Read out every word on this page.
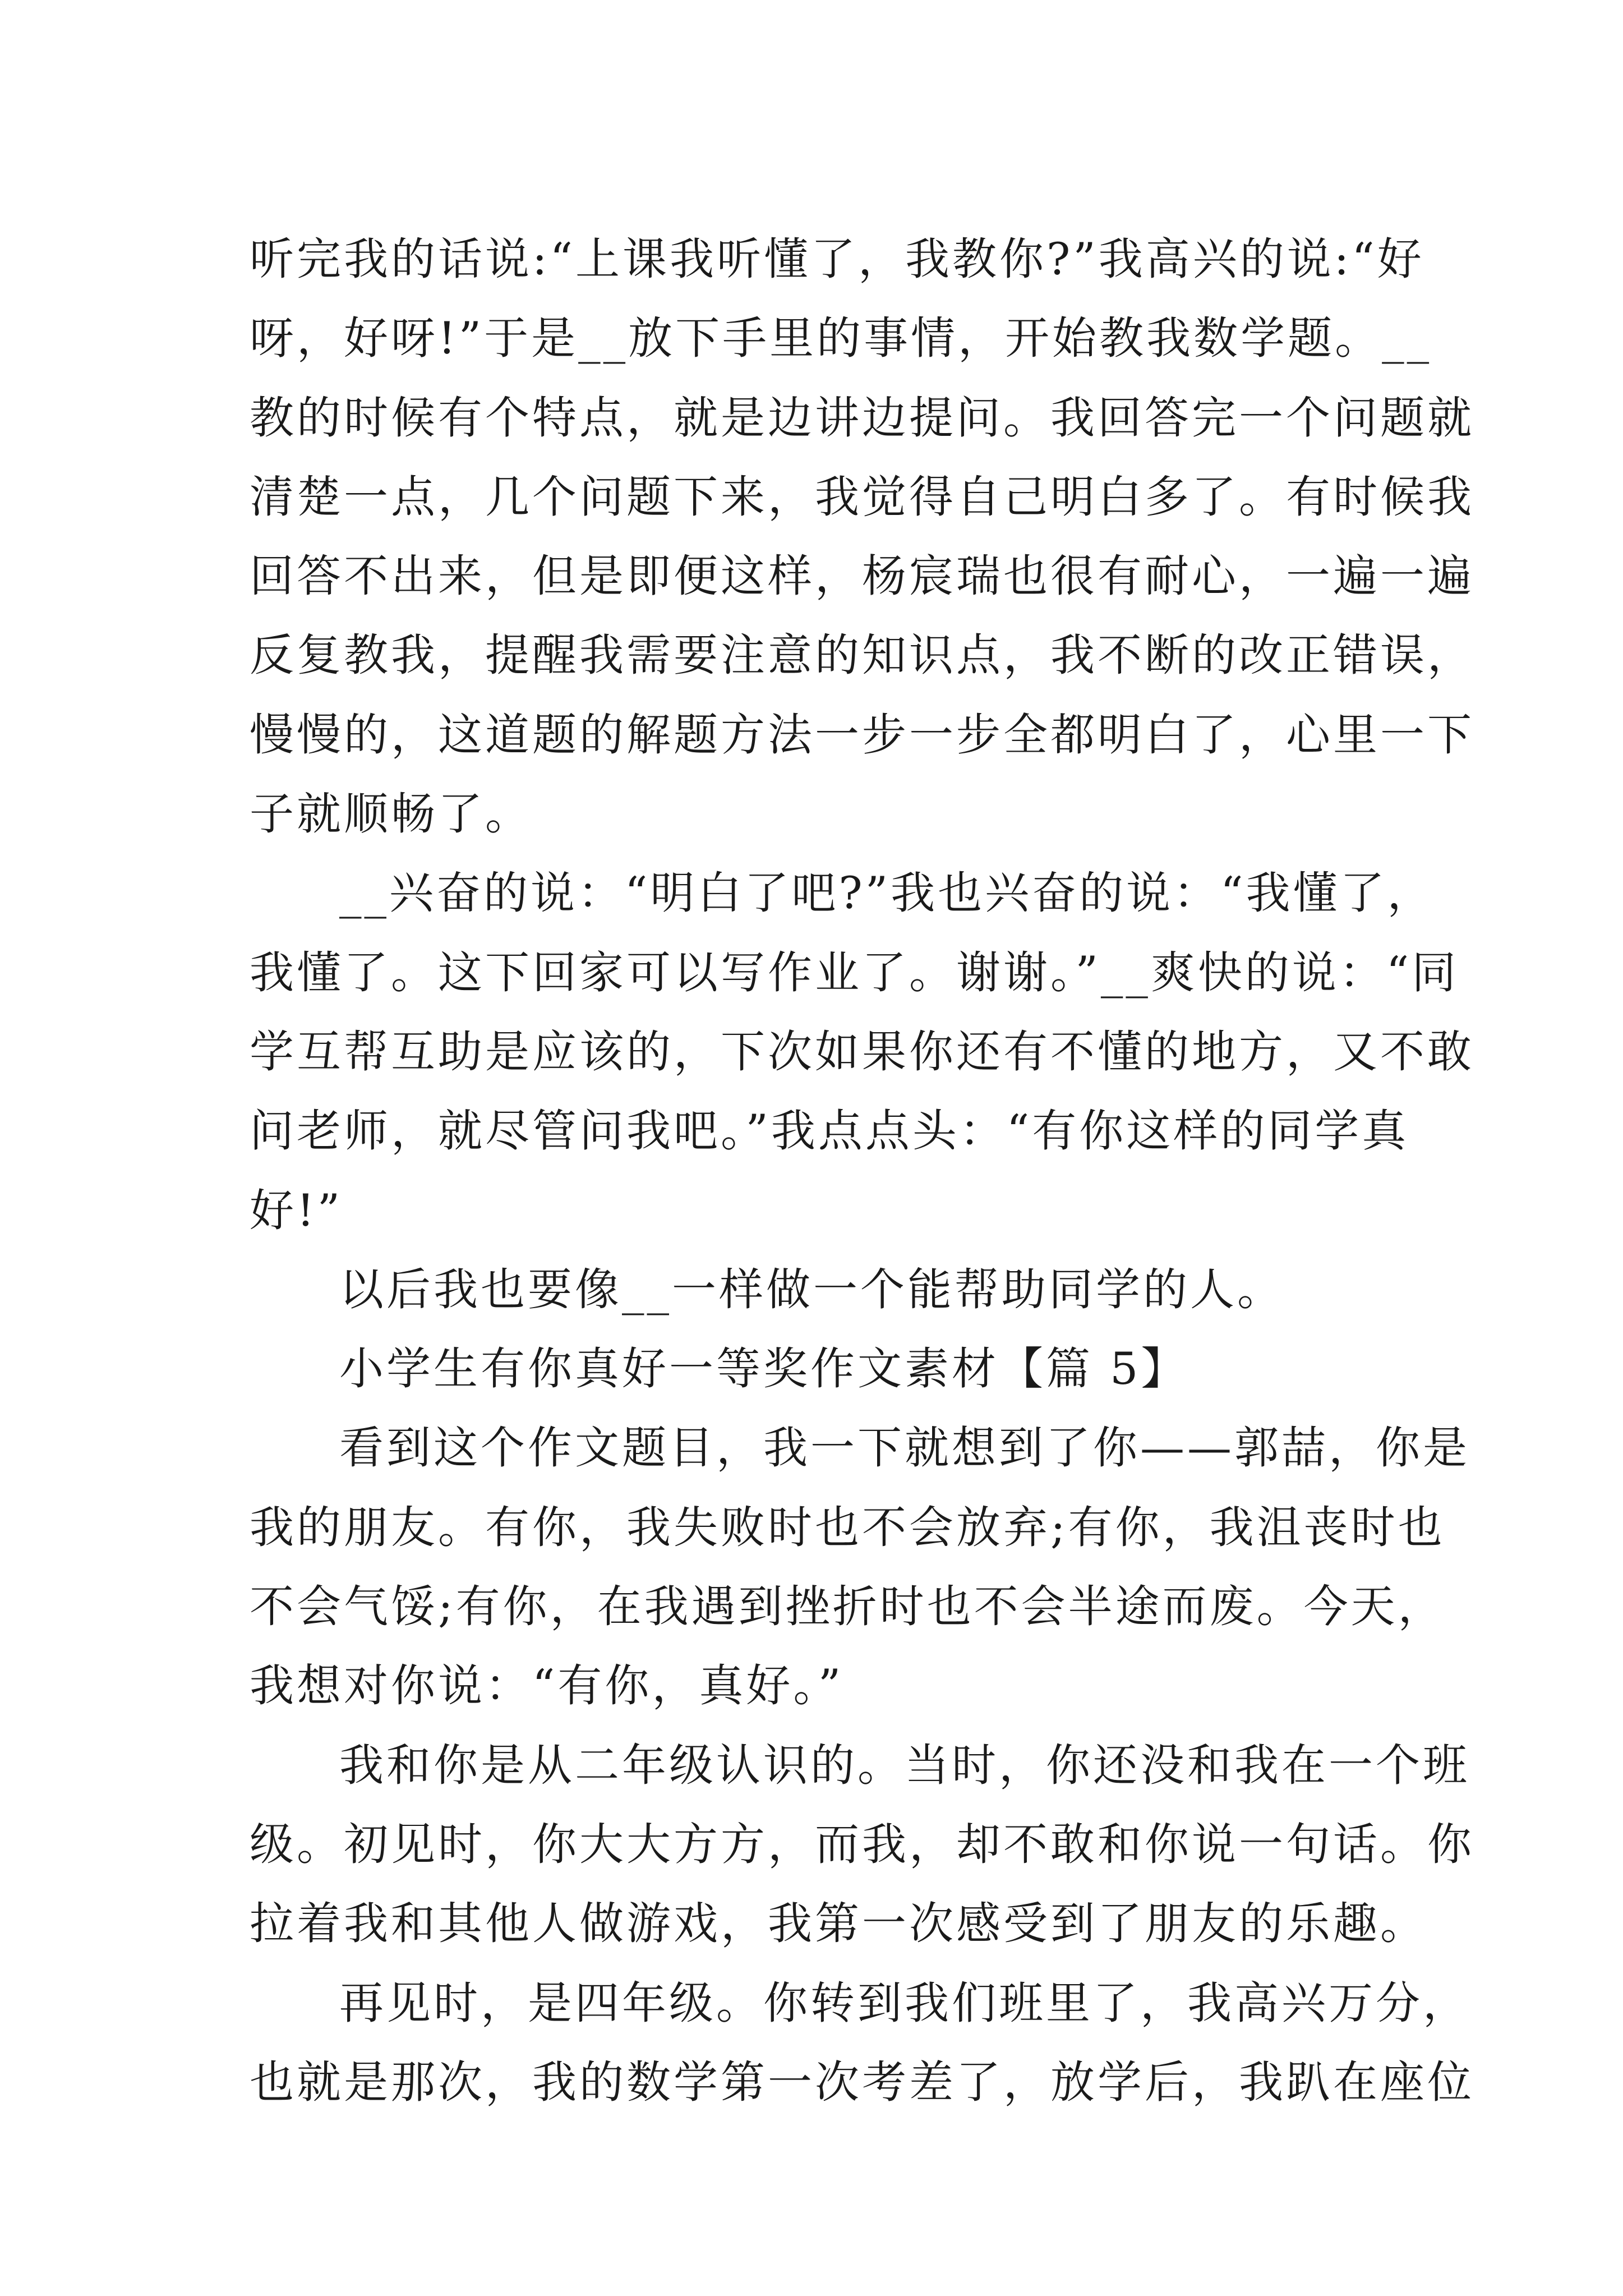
听完我的话说:“上课我听懂了，我教你?”我高兴的说:“好
呀，好呀!”于是__放下手里的事情，开始教我数学题。__
教的时候有个特点，就是边讲边提问。我回答完一个问题就
清楚一点，几个问题下来，我觉得自己明白多了。有时候我
回答不出来，但是即便这样，杨宸瑞也很有耐心，一遍一遍
反复教我，提醒我需要注意的知识点，我不断的改正错误，
慢慢的，这道题的解题方法一步一步全都明白了，心里一下
子就顺畅了。
__兴奋的说：“明白了吧?”我也兴奋的说：“我懂了，
我懂了。这下回家可以写作业了。谢谢。”__爽快的说：“同
学互帮互助是应该的，下次如果你还有不懂的地方，又不敢
问老师，就尽管问我吧。”我点点头：“有你这样的同学真
好!”
以后我也要像__一样做一个能帮助同学的人。
小学生有你真好一等奖作文素材【篇 5】
看到这个作文题目，我一下就想到了你——郭喆，你是
我的朋友。有你，我失败时也不会放弃;有你，我沮丧时也
不会气馁;有你，在我遇到挫折时也不会半途而废。今天，
我想对你说：“有你，真好。”
我和你是从二年级认识的。当时，你还没和我在一个班
级。初见时，你大大方方，而我，却不敢和你说一句话。你
拉着我和其他人做游戏，我第一次感受到了朋友的乐趣。
再见时，是四年级。你转到我们班里了，我高兴万分，
也就是那次，我的数学第一次考差了，放学后，我趴在座位
